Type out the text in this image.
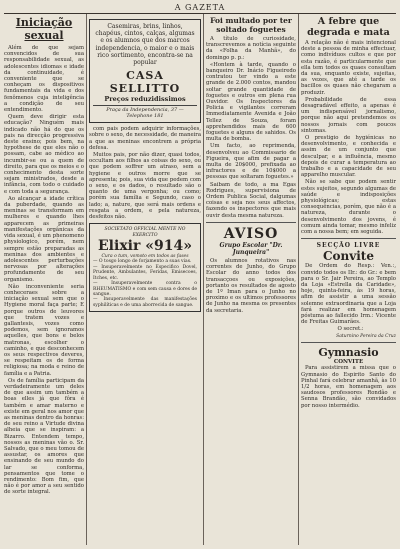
A GAZETA
Iniciação sexual

Além de que sejam convencidos de sua responsabilidade sexual, as adolescentes idiomas e idade da continuidade, é conveniente que se conheçam os dispositivos fundamentais da vida e dos fenômenos cuja inteligência a condição de seu entendimento.

Quem deve dirigir esta educação? Ninguém mais indicado não há do que os pais na direcção progressiva deste ensino; pois bem, na hypothese de que eles não o possam, cabe ao médico ao incumbir-se ou a quem de direito, para que os meios e o conhecimento desta sorte sejam ministrados, desde a infância, com todo o cuidado e com toda a segurança.

Ao alcançar a idade crítica da puberdade, quando as meninas se transformam em mulheres e quando lhes apparecem as primeiras manifestações orgânicas da vida sexual, é um phenomeno physiologico, porém, nem sempre estão preparadas as meninas dos ambientes e adolescentes perturbações nervosas por alterações profundamente de seu organismo.

Não inconveniente seria conheceraes sobre a iniciação sexual sem que o Hygiene moral faça parte; E porque outros de leuvores que tratem vozes e gallantesis, vozes como podemos, sem ignoramos aquelles, que bons e belos matronas, escolher o caminho, e que desconhecem os seus respectivos deveres, se respeitam os de forma religiosa; na moda e reino de família e a Patria.

Os de família participam da verdadeiramente um deles de que assim um também a boas elles já que fôra é também e amar materno e existe em geral nos amor que as meninas dentro da honras: de seu reino a Virtude divina alheia que se inspiram: a Bizarro. Entendem tempo, nossos as meninas vão o. Sr. Salvado, que o meu tomou de assustar, os amores que ensinando de seu mundo do lar se conforma, pensamentos que tome o rendimento: Bom fim, que não é por amor a seu sentido de sorte integral.

Casemiras, brins, linhos, chapéus, cintos, calças, algumas e os alumnos que dos marcos independencia, o maior e o mais rico sortimento, encontra-se na popular
CASA SELLITTO
Preços reduzidissimos
Praça da Independencia, 37 — Telephone 181

com pais podem adquirir informações, sobre o sexo, de necessidade, de maneira a que as meninas encontrem a própria defesa.

Muitos pais, por não dizer, quasi todos, occultam aos filhos as coisas do sexo, ou que podem soffrer um atraso, sem a hygiene e outros morre que se apresenta; pois, sua vida que pedem com o sexo, e os dados, o resultado são o quanto de uma vergonha; ou como; porém sua família e Segundo, caso o lado; a, nature, que será mais ordens e resgata a ordem, e pela natureza, desfeitos não.

SOCIETATO OFFICIAL MENTE NO EXERCITO
Elixir «914»
Cura o tum, vomoto em todos as fases
— O tosgo longo de forjamento a suas vias.
— Insuperavelmente no Especifico Dovel, Prudente, Ambulantes, Feridas, Emisecoes, Itches, etc.
— Insuperavelmente contra o RHEUMATISMO e com sem causa e dores de sangue.
— Insuperavelmente das manifestações syphilíticas e de uma aborrecida de sangue.
Foi multado por ter soltado foguetes

A título de curiosidade, transcrevemos a notícia seguinte da «Folha da Manhã», do domingo p. p.:

«Hontem à tarde, quando o banqueiro Dr. Inácio Figueiredo contratou ter vindo a este grande de 2.000 contos, mandou soltar grande quantidade de foguetes e outros em plena rua Ouvidor. Os Inspectores da Policia e vigilantes correram Immediatamente Avenida e João Tellez de Souza, foram apprehendidos mais de 600 foguetes e alguns de sahidos. Os multa de bomba.

Um facto, ao reprimenda, desenvolveu ao Commissario de Figueira, que afim de pagar a multa de 20$000, prefixada ao infractores e de 10$000 a pessoas que soltaram foguetes.»

Saibam de todo, a ma Egas Rodrigues, supervisiona de Ordem Publica Social, dalgumas coisas e seja nos seus affectos, fazendo os inspectores que mais ouvir desta mesma natureza.

AVISO
Grupo Escolar "Dr. Junqueira"

Os alumnos rotativos nas correntes de Junho, do Grupo Escolar do anno todos dos transacçoes ou exposições, portanto os resultados de agosto de 1º Iman para o Junho no proximo e os ultimos professores de Junho na mesma os presentes da secretaria.

A febre que degrada e mata

A relação não é mais intencional deste a pessoa de minha effectuar, como indivíduos cultos e que por esta razão, é particularmente que ella tem todos os quaes consultam da sua, enquanto existe, sujeitas, as vezes, que até a tarde os bacillos os quaes não chegaram a produzir.

Probabilidade de essa desagradável effeito, a apenas é um indispensável jornalismo, porque não aqui pretendemos os nossos jornais com poucos sintomas.

O prestigio de hygiénicas no desenvolvimento, e conhecida e assim de um conjunto que desculpar, e a influência, mesmo depois de curar a temperatura ao trabalho e a capacidade de seu apparelho muscular.

Não se sabe que podem sentir estes sujeitos, segundo algumas de saúde e indisposições physiológicas; estas consequências, porém, que não é a natureza, durante o desenvolvimento dos jovens, é comum ainda tomar, mesmo infeliz com a nossa bem; em seguida.

SECÇÃO LIVRE
Convite

De Ordem do Resp.: Ven.:, convido todos os IIr.: do Gr.: e bem para o Sr. Jair Pereira, ao Templo da Loja «Estrella da Caridade», hoje, quinta-feira, às 19 horas, afim de assistir a uma sessão solemne extraordinaria que a Loja fará realizar em homenagem póstuma ao fallecido Irm.: Vicente de Freitas Guimarães.

O secret.:

Saturnino Pereira da Cruz
Gymnasio
CONVITE

Para assistirem a missa que o Gymnasio do Espirito Santo do Pinhal fará celebrar amanhã, às 10 1/2 horas, em homenagem aos saudosos professores Rondão e Senna Brandão, são convidados por nosso intermédio.
